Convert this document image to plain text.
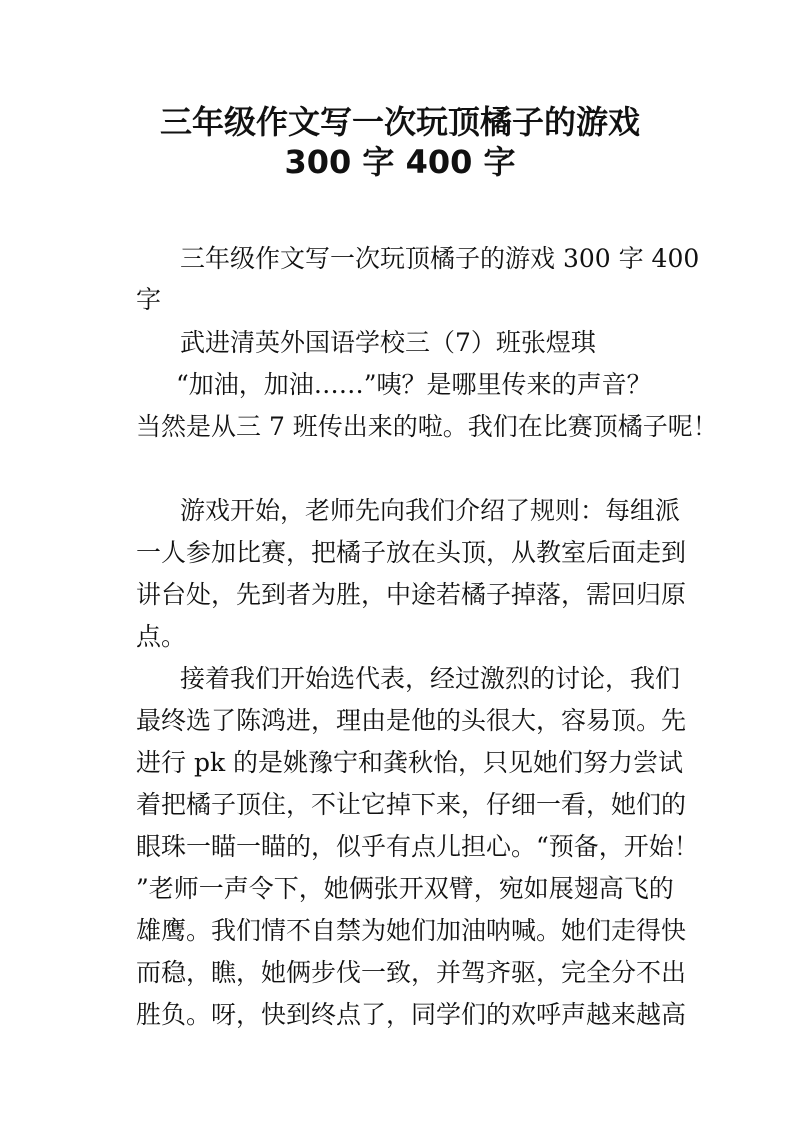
三年级作文写一次玩顶橘子的游戏
300 字 400 字
三年级作文写一次玩顶橘子的游戏 300 字 400
字
武进清英外国语学校三（7）班张煜琪
“加油，加油……”咦？是哪里传来的声音？
当然是从三 7 班传出来的啦。我们在比赛顶橘子呢！
游戏开始，老师先向我们介绍了规则：每组派
一人参加比赛，把橘子放在头顶，从教室后面走到
讲台处，先到者为胜，中途若橘子掉落，需回归原
点。
接着我们开始选代表，经过激烈的讨论，我们
最终选了陈鸿进，理由是他的头很大，容易顶。先
进行 pk 的是姚豫宁和龚秋怡，只见她们努力尝试
着把橘子顶住，不让它掉下来，仔细一看，她们的
眼珠一瞄一瞄的，似乎有点儿担心。“预备，开始！
”老师一声令下，她俩张开双臂，宛如展翅高飞的
雄鹰。我们情不自禁为她们加油呐喊。她们走得快
而稳，瞧，她俩步伐一致，并驾齐驱，完全分不出
胜负。呀，快到终点了，同学们的欢呼声越来越高
